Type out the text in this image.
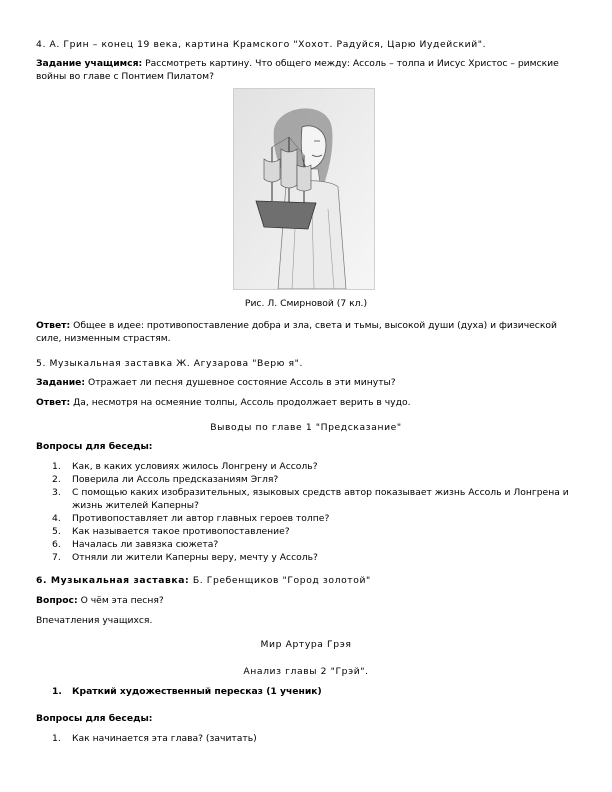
4. А. Грин – конец 19 века, картина Крамского "Хохот. Радуйся, Царю Иудейский".

Задание учащимся: Рассмотреть картину. Что общего между: Ассоль – толпа и Иисус Христос – римские войны во главе с Понтием Пилатом?

Рис. Л. Смирновой (7 кл.)

Ответ: Общее в идее: противопоставление добра и зла, света и тьмы, высокой души (духа) и физической силе, низменным страстям.

5. Музыкальная заставка Ж. Агузарова "Верю я".

Задание: Отражает ли песня душевное состояние Ассоль в эти минуты?

Ответ: Да, несмотря на осмеяние толпы, Ассоль продолжает верить в чудо.

Выводы по главе 1 "Предсказание"

Вопросы для беседы:

1. Как, в каких условиях жилось Лонгрену и Ассоль?
2. Поверила ли Ассоль предсказаниям Эгля?
3. С помощью каких изобразительных, языковых средств автор показывает жизнь Ассоль и Лонгрена и жизнь жителей Каперны?
4. Противопоставляет ли автор главных героев толпе?
5. Как называется такое противопоставление?
6. Началась ли завязка сюжета?
7. Отняли ли жители Каперны веру, мечту у Ассоль?

6. Музыкальная заставка: Б. Гребенщиков "Город золотой"

Вопрос: О чём эта песня?

Впечатления учащихся.

Мир Артура Грэя

Анализ главы 2 "Грэй".

1. Краткий художественный пересказ (1 ученик)

Вопросы для беседы:

1. Как начинается эта глава? (зачитать)
